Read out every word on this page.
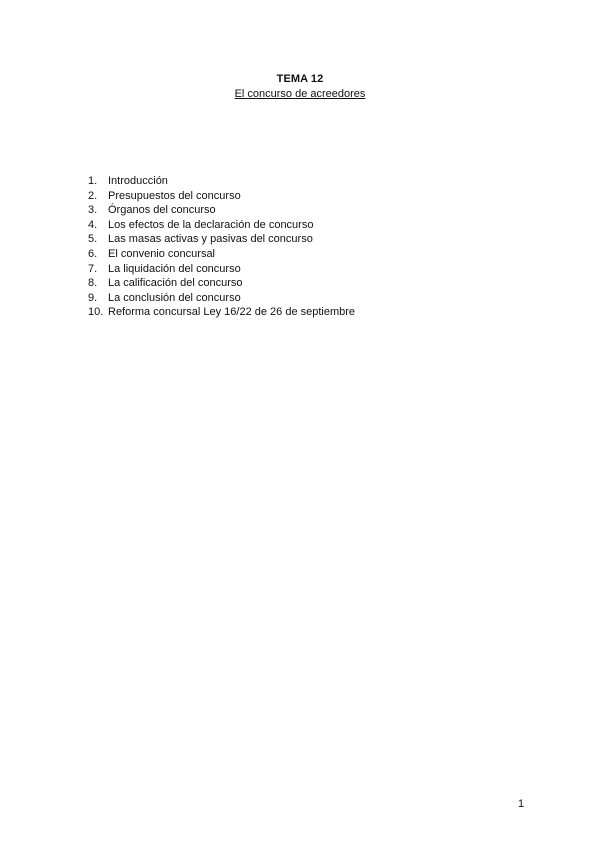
TEMA 12
El concurso de acreedores
1. Introducción
2. Presupuestos del concurso
3. Órganos del concurso
4. Los efectos de la declaración de concurso
5. Las masas activas y pasivas del concurso
6. El convenio concursal
7. La liquidación del concurso
8. La calificación del concurso
9. La conclusión del concurso
10. Reforma concursal Ley 16/22 de 26 de septiembre
1
